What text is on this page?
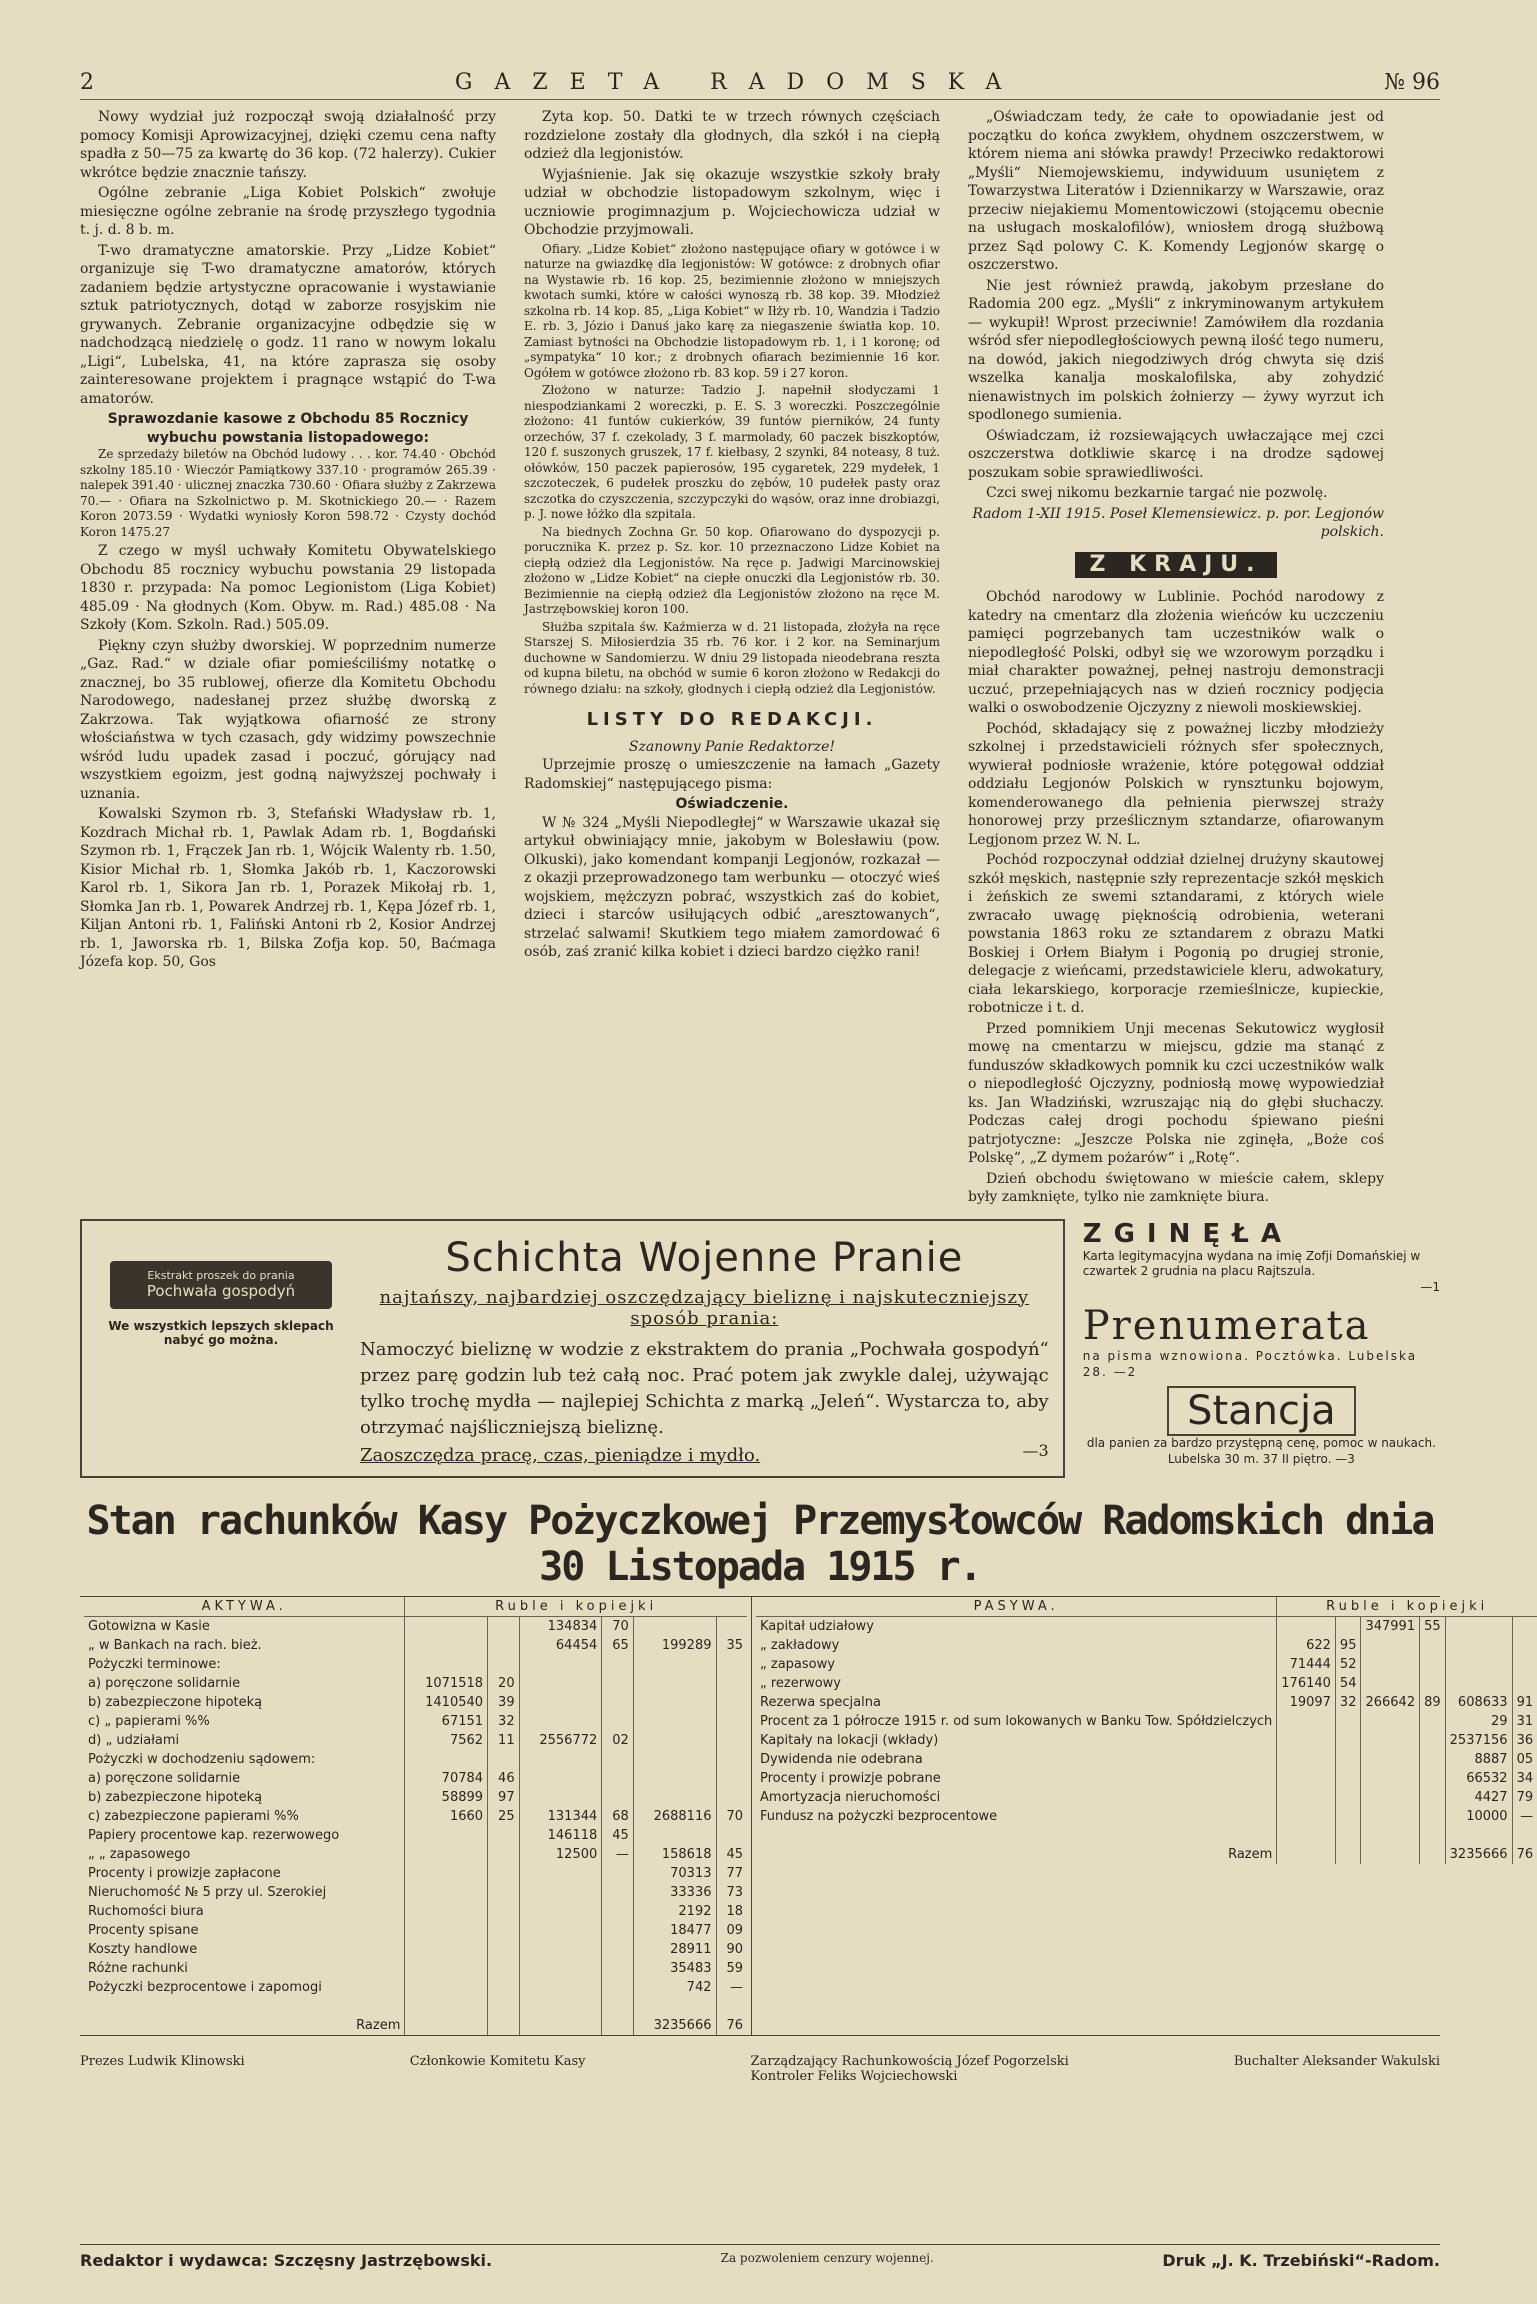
2	GAZETA RADOMSKA	№ 96

Nowy wydział już rozpoczął swoją działalność przy pomocy Komisji Aprowizacyjnej, dzięki czemu cena nafty spadła z 50—75 za kwartę do 36 kop. (72 halerzy). Cukier wkrótce będzie znacznie tańszy.

Ogólne zebranie „Liga Kobiet Polskich“ zwołuje miesięczne ogólne zebranie na środę przyszłego tygodnia t. j. d. 8 b. m.

T-wo dramatyczne amatorskie. Przy „Lidze Kobiet“ organizuje się T-wo dramatyczne amatorów, których zadaniem będzie artystyczne opracowanie i wystawianie sztuk patriotycznych, dotąd w zaborze rosyjskim nie grywanych. Zebranie organizacyjne odbędzie się w nadchodzącą niedzielę o godz. 11 rano w nowym lokalu „Ligi“, Lubelska, 41, na które zaprasza się osoby zainteresowane projektem i pragnące wstąpić do T-wa amatorów.

Sprawozdanie kasowe z Obchodu 85 Rocznicy wybuchu powstania listopadowego:

Ze sprzedaży biletów na Obchód ludowy . . . kor. 74.40 · Obchód szkolny 185.10 · Wieczór Pamiątkowy 337.10 · programów 265.39 · nalepek 391.40 · ulicznej znaczka 730.60 · Ofiara służby z Zakrzewa 70.— · Ofiara na Szkolnictwo p. M. Skotnickiego 20.— · Razem Koron 2073.59 · Wydatki wyniosły Koron 598.72 · Czysty dochód Koron 1475.27

Z czego w myśl uchwały Komitetu Obywatelskiego Obchodu 85 rocznicy wybuchu powstania 29 listopada 1830 r. przypada: Na pomoc Legionistom (Liga Kobiet) 485.09 · Na głodnych (Kom. Obyw. m. Rad.) 485.08 · Na Szkoły (Kom. Szkoln. Rad.) 505.09.

Piękny czyn służby dworskiej. W poprzednim numerze „Gaz. Rad.“ w dziale ofiar pomieściliśmy notatkę o znacznej, bo 35 rublowej, ofierze dla Komitetu Obchodu Narodowego, nadesłanej przez służbę dworską z Zakrzowa. Tak wyjątkowa ofiarność ze strony włościaństwa w tych czasach, gdy widzimy powszechnie wśród ludu upadek zasad i poczuć, górujący nad wszystkiem egoizm, jest godną najwyższej pochwały i uznania.

Kowalski Szymon rb. 3, Stefański Władysław rb. 1, Kozdrach Michał rb. 1, Pawlak Adam rb. 1, Bogdański Szymon rb. 1, Frączek Jan rb. 1, Wójcik Walenty rb. 1.50, Kisior Michał rb. 1, Słomka Jakób rb. 1, Kaczorowski Karol rb. 1, Sikora Jan rb. 1, Porazek Mikołaj rb. 1, Słomka Jan rb. 1, Powarek Andrzej rb. 1, Kępa Józef rb. 1, Kiljan Antoni rb. 1, Faliński Antoni rb 2, Kosior Andrzej rb. 1, Jaworska rb. 1, Bilska Zofja kop. 50, Baćmaga Józefa kop. 50, Gos

Zyta kop. 50. Datki te w trzech równych częściach rozdzielone zostały dla głodnych, dla szkół i na ciepłą odzież dla legjonistów.

Wyjaśnienie. Jak się okazuje wszystkie szkoły brały udział w obchodzie listopadowym szkolnym, więc i uczniowie progimnazjum p. Wojciechowicza udział w Obchodzie przyjmowali.

Ofiary. „Lidze Kobiet“ złożono następujące ofiary w gotówce i w naturze na gwiazdkę dla legjonistów: W gotówce: z drobnych ofiar na Wystawie rb. 16 kop. 25, bezimiennie złożono w mniejszych kwotach sumki, które w całości wynoszą rb. 38 kop. 39. Młodzież szkolna rb. 14 kop. 85, „Liga Kobiet“ w Iłży rb. 10, Wandzia i Tadzio E. rb. 3, Józio i Danuś jako karę za niegaszenie światła kop. 10. Zamiast bytności na Obchodzie listopadowym rb. 1, i 1 koronę; od „sympatyka“ 10 kor.; z drobnych ofiarach bezimiennie 16 kor. Ogółem w gotówce złożono rb. 83 kop. 59 i 27 koron.

Złożono w naturze: Tadzio J. napełnił słodyczami 1 niespodziankami 2 woreczki, p. E. S. 3 woreczki. Poszczególnie złożono: 41 funtów cukierków, 39 funtów pierników, 24 funty orzechów, 37 f. czekolady, 3 f. marmolady, 60 paczek biszkoptów, 120 f. suszonych gruszek, 17 f. kiełbasy, 2 szynki, 84 noteasy, 8 tuż. ołówków, 150 paczek papierosów, 195 cygaretek, 229 mydełek, 1 szczoteczek, 6 pudełek proszku do zębów, 10 pudełek pasty oraz szczotka do czyszczenia, szczypczyki do wąsów, oraz inne drobiazgi, p. J. nowe łóżko dla szpitala.

Na biednych Zochna Gr. 50 kop. Ofiarowano do dyspozycji p. porucznika K. przez p. Sz. kor. 10 przeznaczono Lidze Kobiet na ciepłą odzież dla Legjonistów. Na ręce p. Jadwigi Marcinowskiej złożono w „Lidze Kobiet“ na ciepłe onuczki dla Legjonistów rb. 30. Bezimiennie na ciepłą odzież dla Legjonistów złożono na ręce M. Jastrzębowskiej koron 100.

Służba szpitala św. Kaźmierza w d. 21 listopada, złożyła na ręce Starszej S. Miłosierdzia 35 rb. 76 kor. i 2 kor. na Seminarjum duchowne w Sandomierzu. W dniu 29 listopada nieodebrana reszta od kupna biletu, na obchód w sumie 6 koron złożono w Redakcji do równego działu: na szkoły, głodnych i ciepłą odzież dla Legjonistów.

LISTY DO REDAKCJI.
Szanowny Panie Redaktorze!

Uprzejmie proszę o umieszczenie na łamach „Gazety Radomskiej“ następującego pisma:

Oświadczenie.

W № 324 „Myśli Niepodległej“ w Warszawie ukazał się artykuł obwiniający mnie, jakobym w Bolesławiu (pow. Olkuski), jako komendant kompanji Legjonów, rozkazał — z okazji przeprowadzonego tam werbunku — otoczyć wieś wojskiem, mężczyzn pobrać, wszystkich zaś do kobiet, dzieci i starców usiłujących odbić „aresztowanych“, strzelać salwami! Skutkiem tego miałem zamordować 6 osób, zaś zranić kilka kobiet i dzieci bardzo ciężko rani!

„Oświadczam tedy, że całe to opowiadanie jest od początku do końca zwykłem, ohydnem oszczerstwem, w którem niema ani słówka prawdy! Przeciwko redaktorowi „Myśli“ Niemojewskiemu, indywiduum usuniętem z Towarzystwa Literatów i Dziennikarzy w Warszawie, oraz przeciw niejakiemu Momentowiczowi (stojącemu obecnie na usługach moskalofilów), wniosłem drogą służbową przez Sąd polowy C. K. Komendy Legjonów skargę o oszczerstwo.

Nie jest również prawdą, jakobym przesłane do Radomia 200 egz. „Myśli“ z inkryminowanym artykułem — wykupił! Wprost przeciwnie! Zamówiłem dla rozdania wśród sfer niepodległościowych pewną ilość tego numeru, na dowód, jakich niegodziwych dróg chwyta się dziś wszelka kanalja moskalofilska, aby zohydzić nienawistnych im polskich żołnierzy — żywy wyrzut ich spodlonego sumienia.

Oświadczam, iż rozsiewających uwłaczające mej czci oszczerstwa dotkliwie skarcę i na drodze sądowej poszukam sobie sprawiedliwości.

Czci swej nikomu bezkarnie targać nie pozwolę.

Radom 1-XII 1915. Poseł Klemensiewicz. p. por. Legjonów polskich.
Z KRAJU.

Obchód narodowy w Lublinie. Pochód narodowy z katedry na cmentarz dla złożenia wieńców ku uczczeniu pamięci pogrzebanych tam uczestników walk o niepodległość Polski, odbył się we wzorowym porządku i miał charakter poważnej, pełnej nastroju demonstracji uczuć, przepełniających nas w dzień rocznicy podjęcia walki o oswobodzenie Ojczyzny z niewoli moskiewskiej.

Pochód, składający się z poważnej liczby młodzieży szkolnej i przedstawicieli różnych sfer społecznych, wywierał podniosłe wrażenie, które potęgował oddział oddziału Legjonów Polskich w rynsztunku bojowym, komenderowanego dla pełnienia pierwszej straży honorowej przy prześlicznym sztandarze, ofiarowanym Legjonom przez W. N. L.

Pochód rozpoczynał oddział dzielnej drużyny skautowej szkół męskich, następnie szły reprezentacje szkół męskich i żeńskich ze swemi sztandarami, z których wiele zwracało uwagę pięknością odrobienia, weterani powstania 1863 roku ze sztandarem z obrazu Matki Boskiej i Orłem Białym i Pogonią po drugiej stronie, delegacje z wieńcami, przedstawiciele kleru, adwokatury, ciała lekarskiego, korporacje rzemieślnicze, kupieckie, robotnicze i t. d.

Przed pomnikiem Unji mecenas Sekutowicz wygłosił mowę na cmentarzu w miejscu, gdzie ma stanąć z funduszów składkowych pomnik ku czci uczestników walk o niepodległość Ojczyzny, podniosłą mowę wypowiedział ks. Jan Władziński, wzruszając nią do głębi słuchaczy. Podczas całej drogi pochodu śpiewano pieśni patrjotyczne: „Jeszcze Polska nie zginęła, „Boże coś Polskę“, „Z dymem pożarów“ i „Rotę“.

Dzień obchodu świętowano w mieście całem, sklepy były zamknięte, tylko nie zamknięte biura.

Ekstrakt proszek do prania
Pochwała gospodyń
We wszystkich lepszych sklepach nabyć go można.
Schichta Wojenne Pranie
najtańszy, najbardziej oszczędzający bieliznę i najskuteczniejszy sposób prania:
Namoczyć bieliznę w wodzie z ekstraktem do prania „Pochwała gospodyń“ przez parę godzin lub też całą noc. Prać potem jak zwykle dalej, używając tylko trochę mydła — najlepiej Schichta z marką „Jeleń“. Wystarcza to, aby otrzymać najśliczniejszą bieliznę.
Zaoszczędza pracę, czas, pieniądze i mydło.	—3
ZGINĘŁA
Karta legitymacyjna wydana na imię Zofji Domańskiej w czwartek 2 grudnia na placu Rajtszula.
—1
Prenumerata
na pisma wznowiona. Pocztówka. Lubelska 28. —2
Stancja
dla panien za bardzo przystępną cenę, pomoc w naukach. Lubelska 30 m. 37 II piętro. —3
Stan rachunków Kasy Pożyczkowej Przemysłowców Radomskich dnia 30 Listopada 1915 r.
AKTYWA.	Ruble i kopiejki					
Gotowizna w Kasie			134834	70		
„ w Bankach na rach. bież.			64454	65	199289	35
Pożyczki terminowe:						
a) poręczone solidarnie	1071518	20				
b) zabezpieczone hipoteką	1410540	39				
c) „ papierami %%	67151	32				
d) „ udziałami	7562	11	2556772	02		
Pożyczki w dochodzeniu sądowem:						
a) poręczone solidarnie	70784	46				
b) zabezpieczone hipoteką	58899	97				
c) zabezpieczone papierami %%	1660	25	131344	68	2688116	70
Papiery procentowe kap. rezerwowego			146118	45		
„ „ zapasowego			12500	—	158618	45
Procenty i prowizje zapłacone					70313	77
Nieruchomość № 5 przy ul. Szerokiej					33336	73
Ruchomości biura					2192	18
Procenty spisane					18477	09
Koszty handlowe					28911	90
Różne rachunki					35483	59
Pożyczki bezprocentowe i zapomogi					742	—

Razem					3235666	76
PASYWA.	Ruble i kopiejki					
Kapitał udziałowy			347991	55		
„ zakładowy	622	95				
„ zapasowy	71444	52				
„ rezerwowy	176140	54				
Rezerwa specjalna	19097	32	266642	89	608633	91
Procent za 1 półrocze 1915 r. od sum lokowanych w Banku Tow. Spółdzielczych					29	31
Kapitały na lokacji (wkłady)					2537156	36
Dywidenda nie odebrana					8887	05
Procenty i prowizje pobrane					66532	34
Amortyzacja nieruchomości					4427	79
Fundusz na pożyczki bezprocentowe					10000	—

Razem					3235666	76
Prezes Ludwik Klinowski	Członkowie Komitetu Kasy	Zarządzający Rachunkowością Józef Pogorzelski
Kontroler Feliks Wojciechowski
Buchalter Aleksander Wakulski
Redaktor i wydawca: Szczęsny Jastrzębowski.	Za pozwoleniem cenzury wojennej.	Druk „J. K. Trzebiński“-Radom.
